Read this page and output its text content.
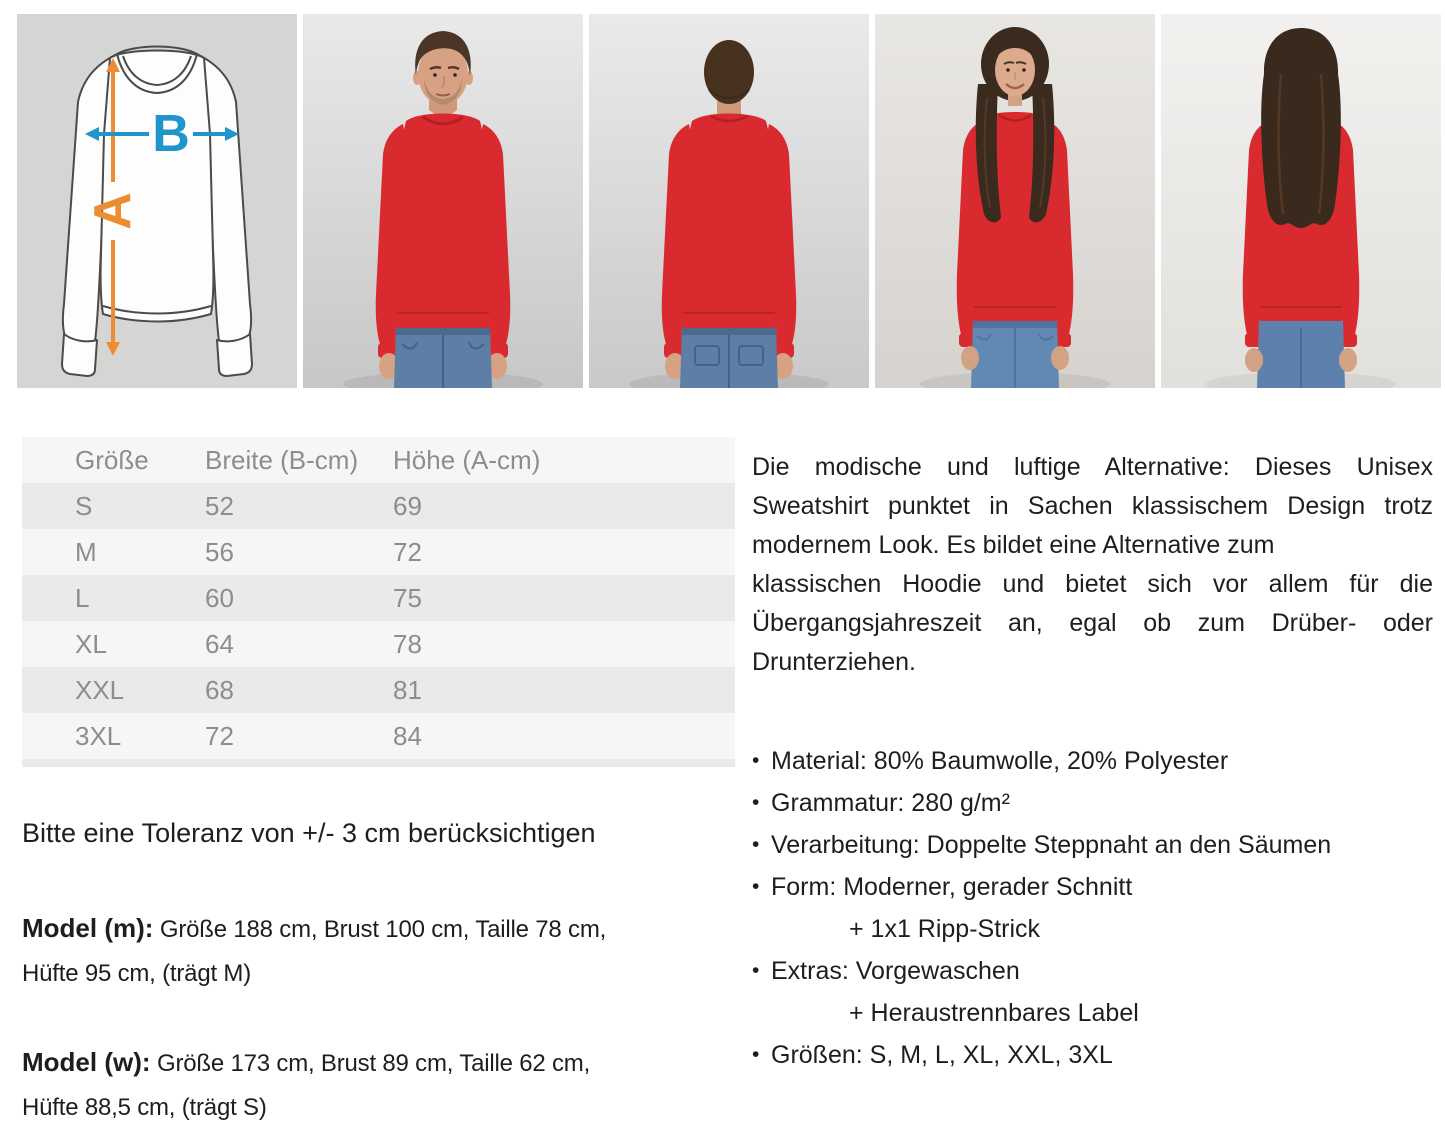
A
B
Größe	Breite (B-cm)	Höhe (A-cm)
S	52	69
M	56	72
L	60	75
XL	64	78
XXL	68	81
3XL	72	84
Bitte eine Toleranz von +/- 3 cm berücksichtigen
Model (m): Größe 188 cm, Brust 100 cm, Taille 78 cm,
Hüfte 95 cm, (trägt M)
Model (w): Größe 173 cm, Brust 89 cm, Taille 62 cm,
Hüfte 88,5 cm, (trägt S)
Die modische und luftige Alternative: Dieses Unisex
Sweatshirt punktet in Sachen klassischem Design trotz
modernem Look. Es bildet eine Alternative zum
klassischen Hoodie und bietet sich vor allem für die
Übergangsjahreszeit an, egal ob zum Drüber- oder
Drunterziehen.
• Material: 80% Baumwolle, 20% Polyester
• Grammatur: 280 g/m²
• Verarbeitung: Doppelte Steppnaht an den Säumen
• Form: Moderner, gerader Schnitt
+ 1x1 Ripp-Strick
• Extras: Vorgewaschen
+ Heraustrennbares Label
• Größen: S, M, L, XL, XXL, 3XL
